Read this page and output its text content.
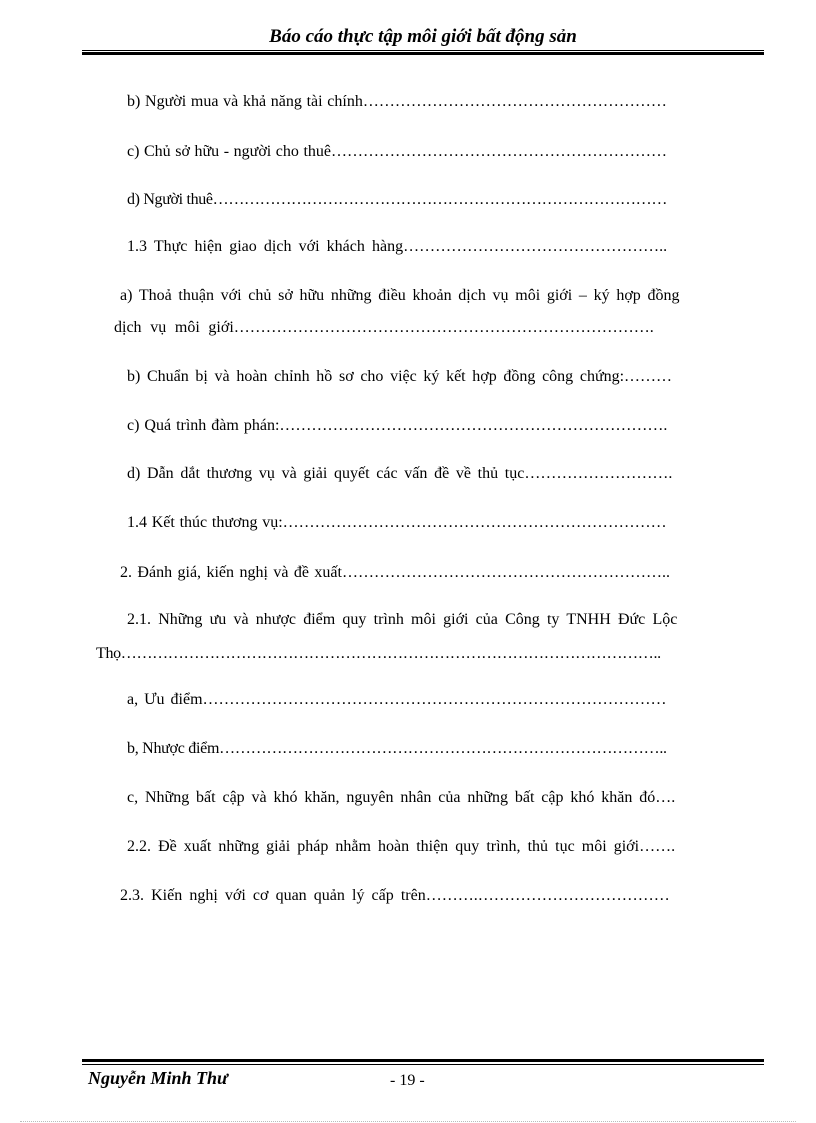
Báo cáo thực tập môi giới bất động sản
b) Người mua và khả năng tài chính…………………………………………………
c) Chủ sở hữu - người cho thuê………………………………………………………
d) Người thuê……………………………………………………………………………
1.3 Thực hiện giao dịch với khách hàng…………………………………………..
a) Thoả thuận với chủ sở hữu những điều khoản dịch vụ môi giới – ký hợp đồng
dịch vụ môi giới…………………………………………………………………….
b) Chuẩn bị và hoàn chỉnh hồ sơ cho việc ký kết hợp đồng công chứng:………
c) Quá trình đàm phán:……………………………………………………………….
d) Dẫn dắt thương vụ và giải quyết các vấn đề về thủ tục……………………….
1.4 Kết thúc thương vụ:………………………………………………………………
2. Đánh giá, kiến nghị và đề xuất……………………………………………………..
2.1. Những ưu và nhược điểm quy trình môi giới của Công ty TNHH Đức Lộc
Thọ…………………………………………………………………………………………..
a, Ưu điểm……………………………………………………………………………
b, Nhược điểm…………………………………………………………………………..
c, Những bất cập và khó khăn, nguyên nhân của những bất cập khó khăn đó….
2.2. Đề xuất những giải pháp nhằm hoàn thiện quy trình, thủ tục môi giới…….
2.3. Kiến nghị với cơ quan quản lý cấp trên……….………………………………
Nguyễn Minh Thư	- 19 -
